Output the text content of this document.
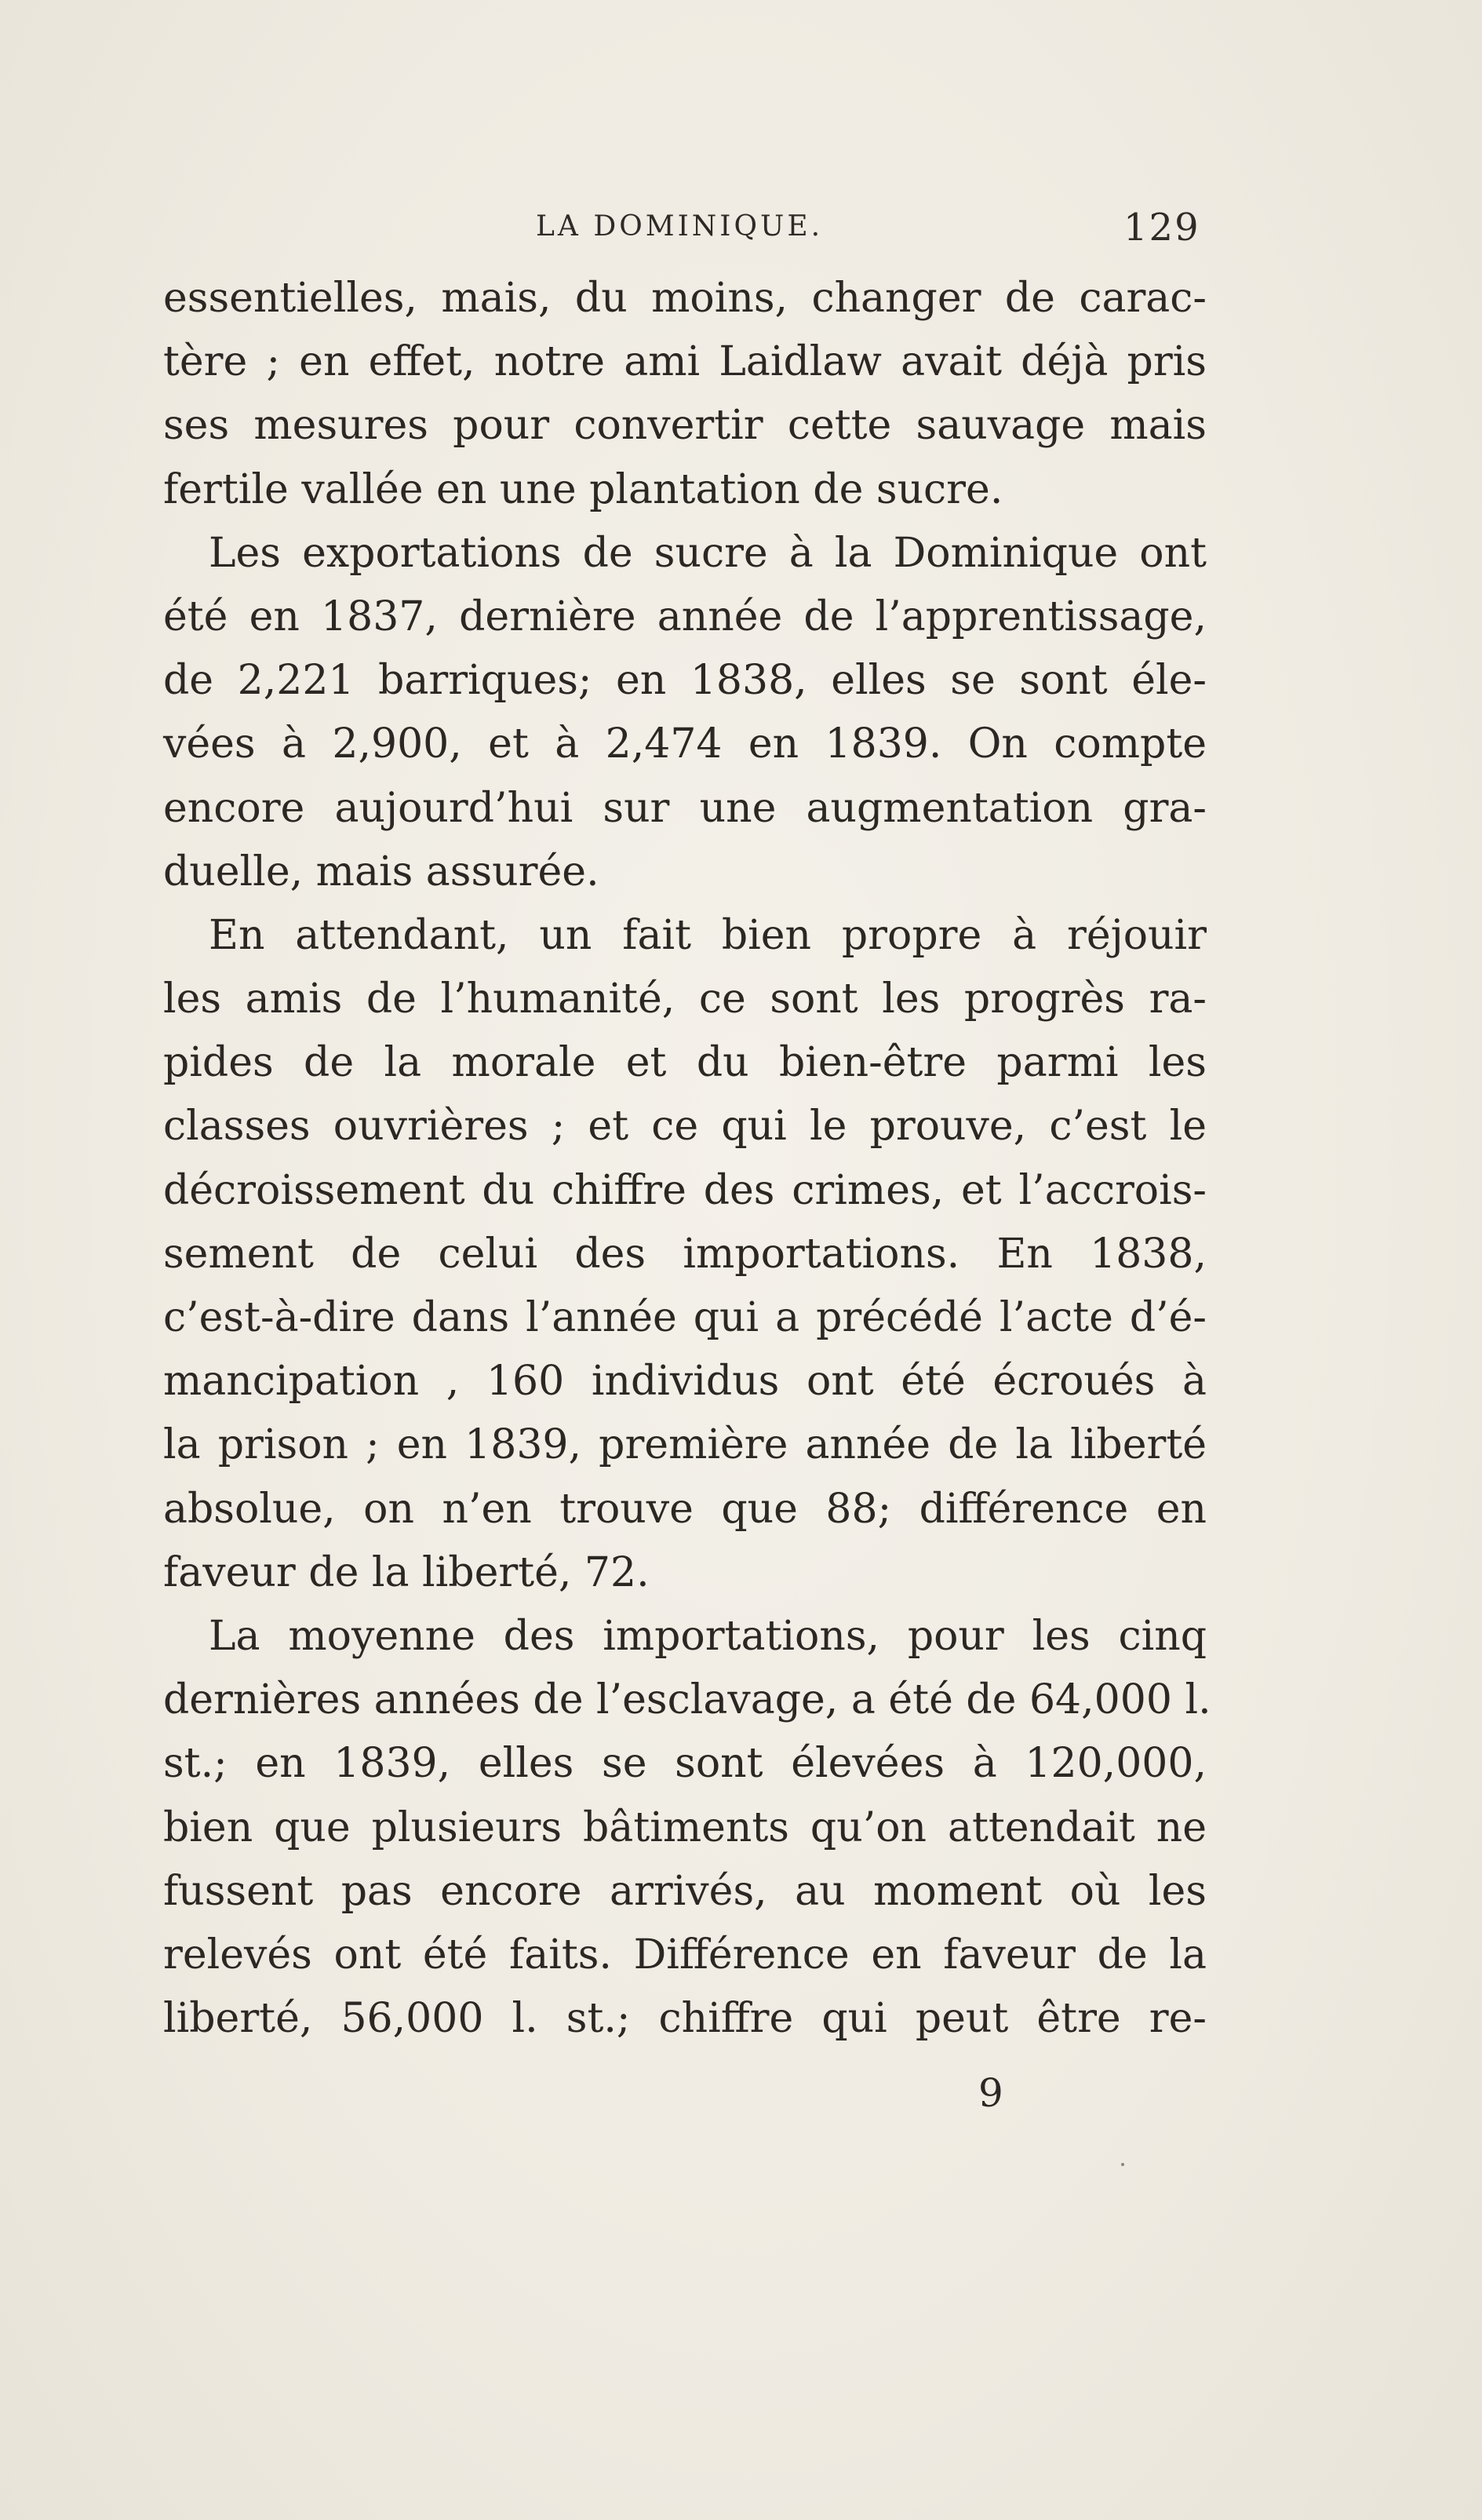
LA DOMINIQUE.	129
essentielles, mais, du moins, changer de carac-
tère ; en effet, notre ami Laidlaw avait déjà pris
ses mesures pour convertir cette sauvage mais
fertile vallée en une plantation de sucre.
Les exportations de sucre à la Dominique ont
été en 1837, dernière année de l’apprentissage,
de 2,221 barriques; en 1838, elles se sont éle-
vées à 2,900, et à 2,474 en 1839. On compte
encore aujourd’hui sur une augmentation gra-
duelle, mais assurée.
En attendant, un fait bien propre à réjouir
les amis de l’humanité, ce sont les progrès ra-
pides de la morale et du bien-être parmi les
classes ouvrières ; et ce qui le prouve, c’est le
décroissement du chiffre des crimes, et l’accrois-
sement de celui des importations. En 1838,
c’est-à-dire dans l’année qui a précédé l’acte d’é-
mancipation , 160 individus ont été écroués à
la prison ; en 1839, première année de la liberté
absolue, on n’en trouve que 88; différence en
faveur de la liberté, 72.
La moyenne des importations, pour les cinq
dernières années de l’esclavage, a été de 64,000 l.
st.; en 1839, elles se sont élevées à 120,000,
bien que plusieurs bâtiments qu’on attendait ne
fussent pas encore arrivés, au moment où les
relevés ont été faits. Différence en faveur de la
liberté, 56,000 l. st.; chiffre qui peut être re-
9
